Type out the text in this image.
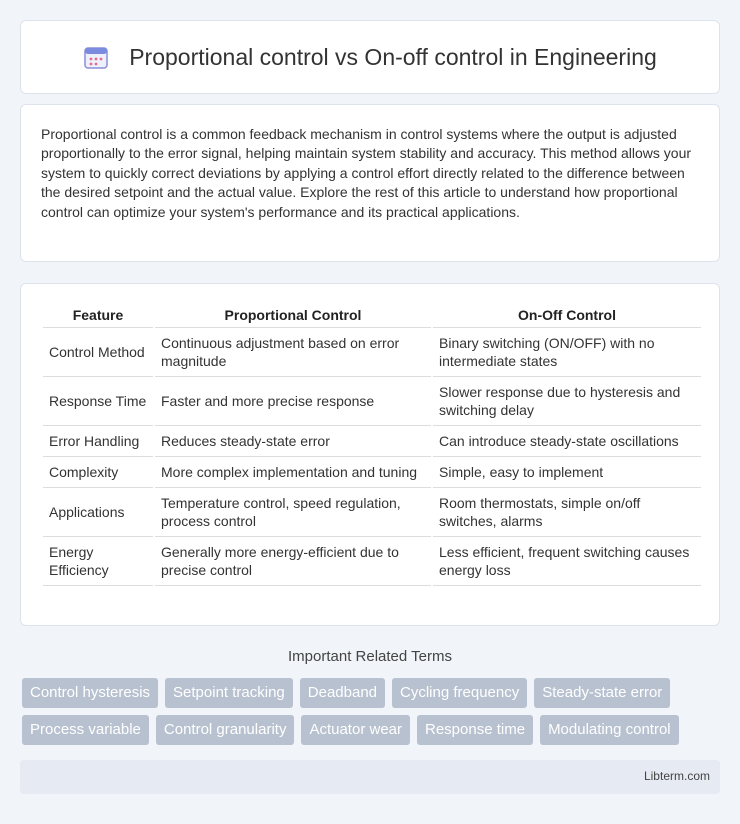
Proportional control vs On-off control in Engineering

Proportional control is a common feedback mechanism in control systems where the output is adjusted proportionally to the error signal, helping maintain system stability and accuracy. This method allows your system to quickly correct deviations by applying a control effort directly related to the difference between the desired setpoint and the actual value. Explore the rest of this article to understand how proportional control can optimize your system's performance and its practical applications.

Feature	Proportional Control	On-Off Control
Control Method	Continuous adjustment based on error magnitude	Binary switching (ON/OFF) with no intermediate states
Response Time	Faster and more precise response	Slower response due to hysteresis and switching delay
Error Handling	Reduces steady-state error	Can introduce steady-state oscillations
Complexity	More complex implementation and tuning	Simple, easy to implement
Applications	Temperature control, speed regulation, process control	Room thermostats, simple on/off switches, alarms
Energy Efficiency	Generally more energy-efficient due to precise control	Less efficient, frequent switching causes energy loss
Important Related Terms
Control hysteresis	Setpoint tracking	Deadband	Cycling frequency	Steady-state error
Process variable	Control granularity	Actuator wear	Response time	Modulating control
Libterm.com
